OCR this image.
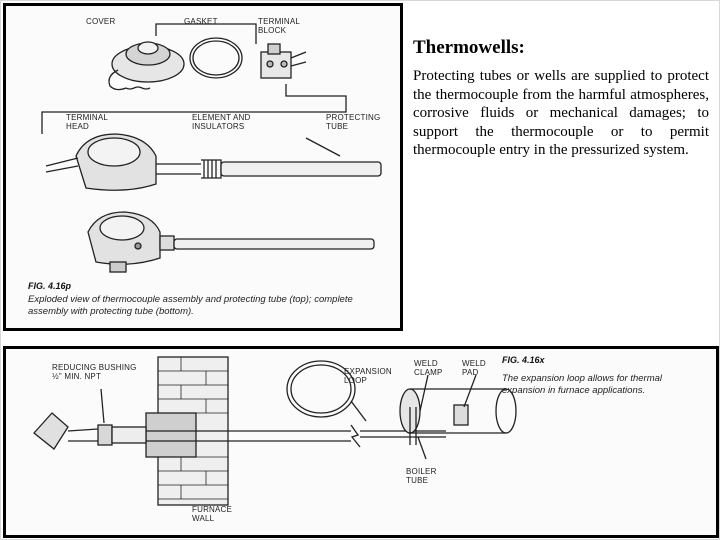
COVER	GASKET	TERMINAL
BLOCK
TERMINAL
HEAD
ELEMENT AND
INSULATORS
PROTECTING
TUBE
FIG. 4.16p
Exploded view of thermocouple assembly and protecting tube (top); complete assembly with protecting tube (bottom).
Thermowells:

Protecting tubes or wells are supplied to protect the thermocouple from the harmful atmospheres, corrosive fluids or mechanical damages; to support the thermocouple or to permit thermocouple entry in the pressurized system.

REDUCING BUSHING
½" MIN. NPT
EXPANSION
LOOP
WELD
CLAMP
WELD
PAD
BOILER
TUBE
FURNACE
WALL
FIG. 4.16x
The expansion loop allows for thermal expansion in furnace applications.
